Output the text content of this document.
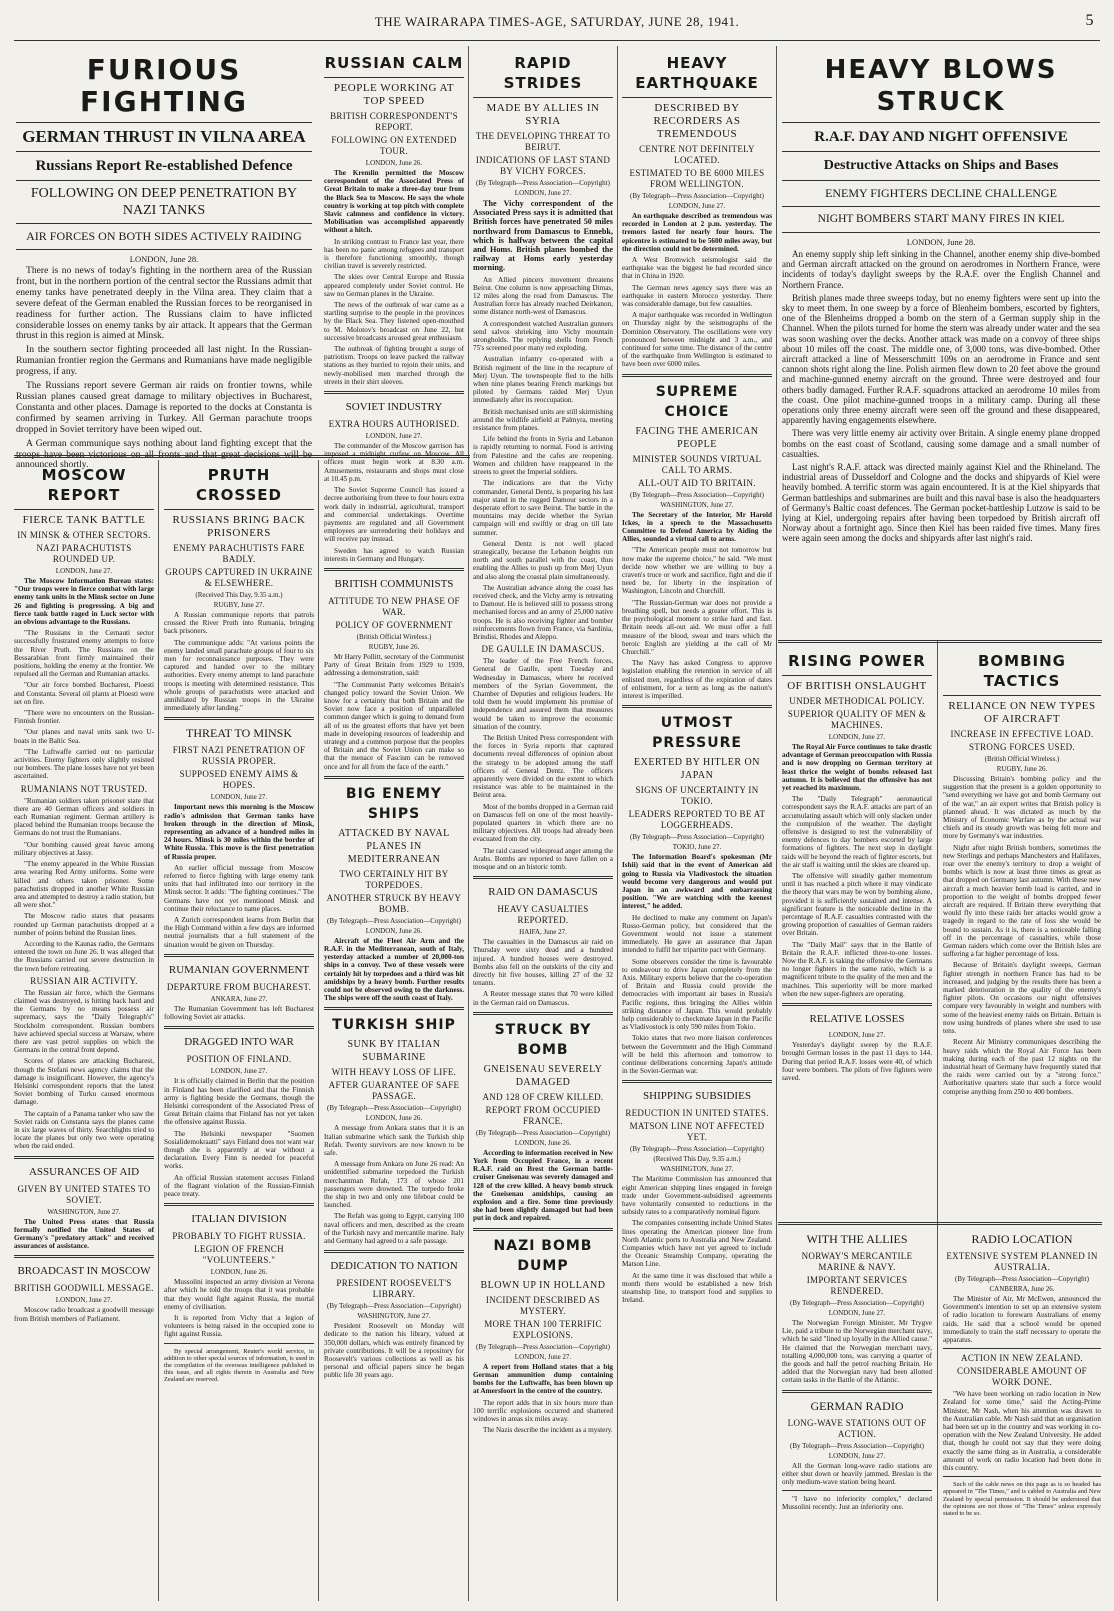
THE WAIRARAPA TIMES-AGE, SATURDAY, JUNE 28, 1941.	5
FURIOUS FIGHTING
GERMAN THRUST IN VILNA AREA
Russians Report Re-established Defence
FOLLOWING ON DEEP PENETRATION BY NAZI TANKS
AIR FORCES ON BOTH SIDES ACTIVELY RAIDING
LONDON, June 28.

There is no news of today's fighting in the northern area of the Russian front, but in the northern portion of the central sector the Russians admit that enemy tanks have penetrated deeply in the Vilna area. They claim that a severe defeat of the German enabled the Russian forces to be reorganised in readiness for further action. The Russians claim to have inflicted considerable losses on enemy tanks by air attack. It appears that the German thrust in this region is aimed at Minsk.

In the southern sector fighting proceeded all last night. In the Russian-Rumanian frontier region the Germans and Rumanians have made negligible progress, if any.

The Russians report severe German air raids on frontier towns, while Russian planes caused great damage to military objectives in Bucharest, Constanta and other places. Damage is reported to the docks at Constanta is confirmed by seamen arriving in Turkey. All German parachute troops dropped in Soviet territory have been wiped out.

A German communique says nothing about land fighting except that the troops have been victorious on all fronts and that great decisions will be announced shortly.

MOSCOW REPORT
FIERCE TANK BATTLE
IN MINSK & OTHER SECTORS.
NAZI PARACHUTISTS ROUNDED UP.
LONDON, June 27.

The Moscow Information Bureau states: "Our troops were in fierce combat with large enemy tank units in the Minsk sector on June 26 and fighting is progressing. A big and fierce tank battle raged in Luck sector with an obvious advantage to the Russians.

"The Russians in the Cernauti sector successfully frustrated enemy attempts to force the River Pruth. The Russians on the Bessarabian front firmly maintained their positions, holding the enemy at the frontier. We repulsed all the German and Rumanian attacks.

"Our air force bombed Bucharest, Ploesti and Constanta. Several oil plants at Ploesti were set on fire.

"There were no encounters on the Russian-Finnish frontier.

"Our planes and naval units sank two U-boats in the Baltic Sea.

"The Luftwaffe carried out no particular activities. Enemy fighters only slightly resisted our bombers. The plane losses have not yet been ascertained.

RUMANIANS NOT TRUSTED.

"Rumanian soldiers taken prisoner state that there are 40 German officers and soldiers in each Rumanian regiment. German artillery is placed behind the Rumanian troops because the Germans do not trust the Rumanians.

"Our bombing caused great havoc among military objectives at Jassy.

"The enemy appeared in the White Russian area wearing Red Army uniforms. Some were killed and others taken prisoner. Some parachutists dropped in another White Russian area and attempted to destroy a radio station, but all were shot."

The Moscow radio states that peasants rounded up German parachutists dropped at a number of points behind the Russian lines.

According to the Kaunas radio, the Germans entered the town on June 26. It was alleged that the Russians carried out severe destruction in the town before retreating.

RUSSIAN AIR ACTIVITY.

The Russian air force, which the Germans claimed was destroyed, is hitting back hard and the Germans by no means possess air supremacy, says the "Daily Telegraph's" Stockholm correspondent. Russian bombers have achieved special success at Warsaw, where there are vast petrol supplies on which the Germans in the central front depend.

Scores of planes are attacking Bucharest, though the Stefani news agency claims that the damage is insignificant. However, the agency's Helsinki correspondent reports that the latest Soviet bombing of Turku caused enormous damage.

The captain of a Panama tanker who saw the Soviet raids on Constanta says the planes came in six large waves of thirty. Searchlights tried to locate the planes but only two were operating when the raid ended.

ASSURANCES OF AID
GIVEN BY UNITED STATES TO SOVIET.
WASHINGTON, June 27.

The United Press states that Russia formally notified the United States of Germany's "predatory attack" and received assurances of assistance.

BROADCAST IN MOSCOW
BRITISH GOODWILL MESSAGE.
LONDON, June 27.

Moscow radio broadcast a goodwill message from British members of Parliament.

PRUTH CROSSED
RUSSIANS BRING BACK PRISONERS
ENEMY PARACHUTISTS FARE BADLY.
GROUPS CAPTURED IN UKRAINE & ELSEWHERE.
(Received This Day, 9.35 a.m.)
RUGBY, June 27.

A Russian communique reports that patrols crossed the River Pruth into Rumania, bringing back prisoners.

The communique adds: "At various points the enemy landed small parachute groups of four to six men for reconnaissance purposes. They were captured and handed over to the military authorities. Every enemy attempt to land parachute troops is meeting with determined resistance. This whole groups of parachutists were attacked and annihilated by Russian troops in the Ukraine immediately after landing."

THREAT TO MINSK
FIRST NAZI PENETRATION OF RUSSIA PROPER.
SUPPOSED ENEMY AIMS & HOPES.
LONDON, June 27.

Important news this morning is the Moscow radio's admission that German tanks have broken through in the direction of Minsk, representing an advance of a hundred miles in 24 hours. Minsk is 30 miles within the border of White Russia. This move is the first penetration of Russia proper.

An earlier official message from Moscow referred to fierce fighting with large enemy tank units that had infiltrated into our territory in the Minsk sector. It adds: "The fighting continues." The Germans have not yet mentioned Minsk and continue their reluctance to name places.

A Zurich correspondent learns from Berlin that the High Command within a few days are informed neutral journalists that a full statement of the situation would be given on Thursday.

RUMANIAN GOVERNMENT
DEPARTURE FROM BUCHAREST.
ANKARA, June 27.

The Rumanian Government has left Bucharest following Soviet air attacks.

DRAGGED INTO WAR
POSITION OF FINLAND.
LONDON, June 27.

It is officially claimed in Berlin that the position in Finland has been clarified and that the Finnish army is fighting beside the Germans, though the Helsinki correspondent of the Associated Press of Great Britain claims that Finland has not yet taken the offensive against Russia.

The Helsinki newspaper "Suomen Sosialidemokraatti" says Finland does not want war though she is apparently at war without a declaration. Every Finn is needed for peaceful works.

An official Russian statement accuses Finland of the flagrant violation of the Russian-Finnish peace treaty.

ITALIAN DIVISION
PROBABLY TO FIGHT RUSSIA.
LEGION OF FRENCH "VOLUNTEERS."
LONDON, June 26.

Mussolini inspected an army division at Verona after which he told the troops that it was probable that they would fight against Russia, the mortal enemy of civilisation.

It is reported from Vichy that a legion of volunteers is being raised in the occupied zone to fight against Russia.

By special arrangement, Reuter's world service, in addition to other special sources of information, is used in the compilation of the overseas intelligence published in this issue, and all rights therein in Australia and New Zealand are reserved.

RUSSIAN CALM
PEOPLE WORKING AT TOP SPEED
BRITISH CORRESPONDENT'S REPORT.
FOLLOWING ON EXTENDED TOUR.
LONDON, June 26.

The Kremlin permitted the Moscow correspondent of the Associated Press of Great Britain to make a three-day tour from the Black Sea to Moscow. He says the whole country is working at top pitch with complete Slavic calmness and confidence in victory. Mobilisation was accomplished apparently without a hitch.

In striking contrast to France last year, there has been no panic among refugees and transport is therefore functioning smoothly, though civilian travel is severely restricted.

The skies over Central Europe and Russia appeared completely under Soviet control. He saw no German planes in the Ukraine.

The news of the outbreak of war came as a startling surprise to the people in the provinces by the Black Sea. They listened open-mouthed to M. Molotov's broadcast on June 22, but successive broadcasts aroused great enthusiasm.

The outbreak of fighting brought a surge of patriotism. Troops on leave packed the railway stations as they hurried to rejoin their units, and newly-mobilised men marched through the streets in their shirt sleeves.

SOVIET INDUSTRY
EXTRA HOURS AUTHORISED.
LONDON, June 27.

The commander of the Moscow garrison has imposed a midnight curfew on Moscow. All offices must begin work at 8.30 a.m. Amusements, restaurants and shops must close at 10.45 p.m.

The Soviet Supreme Council has issued a decree authorising from three to four hours extra work daily in industrial, agricultural, transport and commercial undertakings. Overtime payments are regulated and all Government employees are surrendering their holidays and will receive pay instead.

Sweden has agreed to watch Russian interests in Germany and Hungary.

BRITISH COMMUNISTS
ATTITUDE TO NEW PHASE OF WAR.
POLICY OF GOVERNMENT
(British Official Wireless.)
RUGBY, June 26.

Mr Harry Pollitt, secretary of the Communist Party of Great Britain from 1929 to 1939, addressing a demonstration, said:

"The Communist Party welcomes Britain's changed policy toward the Soviet Union. We know for a certainty that both Britain and the Soviet now face a position of unparalleled common danger which is going to demand from all of us the greatest efforts that have yet been made in developing resources of leadership and strategy and a common purpose that the peoples of Britain and the Soviet Union can make so that the menace of Fascism can be removed once and for all from the face of the earth."

BIG ENEMY SHIPS
ATTACKED BY NAVAL PLANES IN MEDITERRANEAN
TWO CERTAINLY HIT BY TORPEDOES.
ANOTHER STRUCK BY HEAVY BOMB.
(By Telegraph—Press Association—Copyright)
LONDON, June 26.

Aircraft of the Fleet Air Arm and the R.A.F. in the Mediterranean, south of Italy, yesterday attacked a number of 20,000-ton ships in a convoy. Two of these vessels were certainly hit by torpedoes and a third was hit amidships by a heavy bomb. Further results could not be observed owing to the darkness. The ships were off the south coast of Italy.

TURKISH SHIP
SUNK BY ITALIAN SUBMARINE
WITH HEAVY LOSS OF LIFE.
AFTER GUARANTEE OF SAFE PASSAGE.
(By Telegraph—Press Association—Copyright)
LONDON, June 26.

A message from Ankara states that it is an Italian submarine which sank the Turkish ship Refah. Twenty survivors are now known to be safe.

A message from Ankara on June 26 read: An unidentified submarine torpedoed the Turkish merchantman Refah, 173 of whose 201 passengers were drowned. The torpedo broke the ship in two and only one lifeboat could be launched.

The Refah was going to Egypt, carrying 100 naval officers and men, described as the cream of the Turkish navy and mercantile marine. Italy and Germany had agreed to a safe passage.

DEDICATION TO NATION
PRESIDENT ROOSEVELT'S LIBRARY.
(By Telegraph—Press Association—Copyright)
WASHINGTON, June 27.

President Roosevelt on Monday will dedicate to the nation his library, valued at 350,000 dollars, which was entirely financed by private contributions. It will be a repository for Roosevelt's various collections as well as his personal and official papers since he began public life 30 years ago.

RAPID STRIDES
MADE BY ALLIES IN SYRIA
THE DEVELOPING THREAT TO BEIRUT.
INDICATIONS OF LAST STAND BY VICHY FORCES.
(By Telegraph—Press Association—Copyright)
LONDON, June 27.

The Vichy correspondent of the Associated Press says it is admitted that British forces have penetrated 50 miles northward from Damascus to Ennebk, which is halfway between the capital and Homs. British planes bombed the railway at Homs early yesterday morning.

An Allied pincers movement threatens Beirut. One column is now approaching Dimas, 12 miles along the road from Damascus. The Australian force has already reached Deirkanon, some distance north-west of Damascus.

A correspondent watched Australian gunners send salvos shrieking into Vichy mountain strongholds. The replying shells from French 75's screened poor many red exploding.

Australian infantry co-operated with a British regiment of the line in the recapture of Merj Uyun. The townspeople fled to the hills when nine planes bearing French markings but piloted by Germans raided Merj Uyun immediately after its reoccupation.

British mechanised units are still skirmishing around the wildlife airfield at Palmyra, meeting resistance from planes.

Life behind the fronts in Syria and Lebanon is rapidly returning to normal. Food is arriving from Palestine and the cafes are reopening. Women and children have reappeared in the streets to greet the Imperial soldiers.

The indications are that the Vichy commander, General Dentz, is preparing his last major stand in the rugged Damour sectors in a desperate effort to save Beirut. The battle in the mountains may decide whether the Syrian campaign will end swiftly or drag on till late summer.

General Dentz is not well placed strategically, because the Lebanon heights run north and south parallel with the coast, thus enabling the Allies to push up from Merj Uyun and also along the coastal plain simultaneously.

The Australian advance along the coast has received check, and the Vichy army is retreating to Damour. He is believed still to possess strong mechanised forces and an army of 25,000 native troops. He is also receiving fighter and bomber reinforcements flown from France, via Sardinia, Brindisi, Rhodes and Aleppo.

DE GAULLE IN DAMASCUS.

The leader of the Free French forces, General de Gaulle, spent Tuesday and Wednesday in Damascus, where he received members of the Syrian Government, the Chamber of Deputies and religious leaders. He told them he would implement his promise of independence and assured them that measures would be taken to improve the economic situation of the country.

The British United Press correspondent with the forces in Syria reports that captured documents reveal differences of opinion about the strategy to be adopted among the staff officers of General Dentz. The officers apparently were divided on the extent to which resistance was able to be maintained in the Beirut area.

Most of the bombs dropped in a German raid on Damascus fell on one of the most heavily-populated quarters in which there are no military objectives. All troops had already been evacuated from the city.

The raid caused widespread anger among the Arabs. Bombs are reported to have fallen on a mosque and on an historic tomb.

RAID ON DAMASCUS
HEAVY CASUALTIES REPORTED.
HAIFA, June 27.

The casualties in the Damascus air raid on Thursday were sixty dead and a hundred injured. A hundred houses were destroyed. Bombs also fell on the outskirts of the city and directly hit five houses, killing 27 of the 32 tenants.

A Reuter message states that 70 were killed in the German raid on Damascus.

STRUCK BY BOMB
GNEISENAU SEVERELY DAMAGED
AND 128 OF CREW KILLED.
REPORT FROM OCCUPIED FRANCE.
(By Telegraph—Press Association—Copyright)
LONDON, June 26.

According to information received in New York from Occupied France, in a recent R.A.F. raid on Brest the German battle-cruiser Gneisenau was severely damaged and 128 of the crew killed. A heavy bomb struck the Gneisenau amidships, causing an explosion and a fire. Some time previously she had been slightly damaged but had been put in dock and repaired.

NAZI BOMB DUMP
BLOWN UP IN HOLLAND
INCIDENT DESCRIBED AS MYSTERY.
MORE THAN 100 TERRIFIC EXPLOSIONS.
(By Telegraph—Press Association—Copyright)
LONDON, June 27.

A report from Holland states that a big German ammunition dump containing bombs for the Luftwaffe, has been blown up at Amersfoort in the centre of the country.

The report adds that in six hours more than 100 terrific explosions occurred and shattered windows in areas six miles away.

The Nazis describe the incident as a mystery.

HEAVY EARTHQUAKE
DESCRIBED BY RECORDERS AS TREMENDOUS
CENTRE NOT DEFINITELY LOCATED.
ESTIMATED TO BE 6000 MILES FROM WELLINGTON.
(By Telegraph—Press Association—Copyright)
LONDON, June 27.

An earthquake described as tremendous was recorded in London at 2 p.m. yesterday. The tremors lasted for nearly four hours. The epicentre is estimated to be 5600 miles away, but the direction could not be determined.

A West Bromwich seismologist said the earthquake was the biggest he had recorded since that in China in 1920.

The German news agency says there was an earthquake in eastern Morocco yesterday. There was considerable damage, but few casualties.

A major earthquake was recorded in Wellington on Thursday night by the seismographs of the Dominion Observatory. The oscillations were very pronounced between midnight and 3 a.m., and continued for some time. The distance of the centre of the earthquake from Wellington is estimated to have been over 6000 miles.

SUPREME CHOICE
FACING THE AMERICAN PEOPLE
MINISTER SOUNDS VIRTUAL CALL TO ARMS.
ALL-OUT AID TO BRITAIN.
(By Telegraph—Press Association—Copyright)
WASHINGTON, June 27.

The Secretary of the Interior, Mr Harold Ickes, in a speech to the Massachusetts Committee to Defend America by Aiding the Allies, sounded a virtual call to arms.

"The American people must not tomorrow but now make the supreme choice," he said. "We must decide now whether we are willing to buy a craven's truce or work and sacrifice, fight and die if need be, for liberty in the inspiration of Washington, Lincoln and Churchill.

"The Russian-German war does not provide a breathing spell, but needs a greater effort. This is the psychological moment to strike hard and fast. Britain needs all-out aid. We must offer a full measure of the blood, sweat and tears which the heroic English are yielding at the call of Mr Churchill."

The Navy has asked Congress to approve legislation enabling the retention in service of all enlisted men, regardless of the expiration of dates of enlistment, for a term as long as the nation's interest is imperilled.

UTMOST PRESSURE
EXERTED BY HITLER ON JAPAN
SIGNS OF UNCERTAINTY IN TOKIO.
LEADERS REPORTED TO BE AT LOGGERHEADS.
(By Telegraph—Press Association—Copyright)
TOKIO, June 27.

The Information Board's spokesman (Mr Ishii) said that in the event of American aid going to Russia via Vladivostock the situation would become very dangerous and would put Japan in an awkward and embarrassing position. "We are watching with the keenest interest," he added.

He declined to make any comment on Japan's Russo-German policy, but considered that the Government would not issue a statement immediately. He gave an assurance that Japan intended to fulfil her tripartite pact with Germany.

Some observers consider the time is favourable to endeavour to drive Japan completely from the Axis. Military experts believe that the co-operation of Britain and Russia could provide the democracies with important air bases in Russia's Pacific regions, thus bringing the Allies within striking distance of Japan. This would probably help considerably to checkmate Japan in the Pacific as Vladivostock is only 590 miles from Tokio.

Tokio states that two more liaison conferences between the Government and the High Command will be held this afternoon and tomorrow to continue deliberations concerning Japan's attitude in the Soviet-German war.

SHIPPING SUBSIDIES
REDUCTION IN UNITED STATES.
MATSON LINE NOT AFFECTED YET.
(By Telegraph—Press Association—Copyright)
(Received This Day, 9.35 a.m.)
WASHINGTON, June 27.

The Maritime Commission has announced that eight American shipping lines engaged in foreign trade under Government-subsidised agreements have voluntarily consented to reductions in the subsidy rates to a comparatively nominal figure.

The companies consenting include United States lines operating the American pioneer line from North Atlantic ports to Australia and New Zealand. Companies which have not yet agreed to include the Oceanic Steamship Company, operating the Matson Line.

At the same time it was disclosed that while a month there would be established a new Irish steamship line, to transport food and supplies to Ireland.

HEAVY BLOWS STRUCK
R.A.F. DAY AND NIGHT OFFENSIVE
Destructive Attacks on Ships and Bases
ENEMY FIGHTERS DECLINE CHALLENGE
NIGHT BOMBERS START MANY FIRES IN KIEL
LONDON, June 28.

An enemy supply ship left sinking in the Channel, another enemy ship dive-bombed and German aircraft attacked on the ground on aerodromes in Northern France, were incidents of today's daylight sweeps by the R.A.F. over the English Channel and Northern France.

British planes made three sweeps today, but no enemy fighters were sent up into the sky to meet them. In one sweep by a force of Blenheim bombers, escorted by fighters, one of the Blenheims dropped a bomb on the stern of a German supply ship in the Channel. When the pilots turned for home the stern was already under water and the sea was soon washing over the decks. Another attack was made on a convoy of three ships about 10 miles off the coast. The middle one, of 3,000 tons, was dive-bombed. Other aircraft attacked a line of Messerschmitt 109s on an aerodrome in France and sent cannon shots right along the line. Polish airmen flew down to 20 feet above the ground and machine-gunned enemy aircraft on the ground. Three were destroyed and four others badly damaged. Further R.A.F. squadrons attacked an aerodrome 10 miles from the coast. One pilot machine-gunned troops in a military camp. During all these operations only three enemy aircraft were seen off the ground and these disappeared, apparently having engagements elsewhere.

There was very little enemy air activity over Britain. A single enemy plane dropped bombs on the east coast of Scotland, causing some damage and a small number of casualties.

Last night's R.A.F. attack was directed mainly against Kiel and the Rhineland. The industrial areas of Dusseldorf and Cologne and the docks and shipyards of Kiel were heavily bombed. A terrific storm was again encountered. It is at the Kiel shipyards that German battleships and submarines are built and this naval base is also the headquarters of Germany's Baltic coast defences. The German pocket-battleship Lutzow is said to be lying at Kiel, undergoing repairs after having been torpedoed by British aircraft off Norway about a fortnight ago. Since then Kiel has been raided five times. Many fires were again seen among the docks and shipyards after last night's raid.

RISING POWER
OF BRITISH ONSLAUGHT
UNDER METHODICAL POLICY.
SUPERIOR QUALITY OF MEN & MACHINES.
LONDON, June 27.

The Royal Air Force continues to take drastic advantage of German preoccupation with Russia and is now dropping on German territory at least thrice the weight of bombs released last autumn. It is believed that the offensive has not yet reached its maximum.

The "Daily Telegraph" aeronautical correspondent says the R.A.F. attacks are part of an accumulating assault which will only slacken under the compulsion of the weather. The daylight offensive is designed to test the vulnerability of enemy defences to day bombers escorted by large formations of fighters. The next step in daylight raids will be beyond the reach of fighter escorts, but the air staff is waiting until the skies are cleared up.

The offensive will steadily gather momentum until it has reached a pitch where it may vindicate the theory that wars may be won by bombing alone, provided it is sufficiently sustained and intense. A significant feature is the noticeable decline in the percentage of R.A.F. casualties contrasted with the growing proportion of casualties of German raiders over Britain.

The "Daily Mail" says that in the Battle of Britain the R.A.F. inflicted three-to-one losses. Now the R.A.F. is taking the offensive the Germans no longer fighters in the same ratio, which is a magnificent tribute to the quality of the men and the machines. This superiority will be more marked when the new super-fighters are operating.

RELATIVE LOSSES
LONDON, June 27.

Yesterday's daylight sweep by the R.A.F. brought German losses in the past 11 days to 144. During that period R.A.F. losses were 40, of which four were bombers. The pilots of five fighters were saved.

BOMBING TACTICS
RELIANCE ON NEW TYPES OF AIRCRAFT
INCREASE IN EFFECTIVE LOAD.
STRONG FORCES USED.
(British Official Wireless.)
RUGBY, June 26.

Discussing Britain's bombing policy and the suggestion that the present is a golden opportunity to "send everything we have got and bomb Germany out of the war," an air expert writes that British policy is planned ahead. It was dictated as much by the Ministry of Economic Warfare as by the actual war chiefs and its steady growth was being felt more and more by Germany's war industries.

Night after night British bombers, sometimes the new Sterlings and perhaps Manchesters and Halifaxes, roar over the enemy's territory to drop a weight of bombs which is now at least three times as great as that dropped on Germany last autumn. With these new aircraft a much heavier bomb load is carried, and in proportion to the weight of bombs dropped fewer aircraft are required. If Britain threw everything that would fly into these raids her attacks would grow a tragedy in regard to the rate of loss she would be bound to sustain. As it is, there is a noticeable falling off in the percentage of casualties, while those German raiders which come over the British Isles are suffering a far higher percentage of loss.

Because of Britain's daylight sweeps, German fighter strength in northern France has had to be increased, and judging by the results there has been a marked deterioration in the quality of the enemy's fighter pilots. On occasions our night offensives compare very favourably in weight and numbers with some of the heaviest enemy raids on Britain. Britain is now using hundreds of planes where she used to use tens.

Recent Air Ministry communiques describing the heavy raids which the Royal Air Force has been making during each of the past 12 nights on the industrial heart of Germany have frequently stated that the raids were carried out by a "strong force." Authoritative quarters state that such a force would comprise anything from 250 to 400 bombers.

WITH THE ALLIES
NORWAY'S MERCANTILE MARINE & NAVY.
IMPORTANT SERVICES RENDERED.
(By Telegraph—Press Association—Copyright)
LONDON, June 27.

The Norwegian Foreign Minister, Mr Trygve Lie, paid a tribute to the Norwegian merchant navy, which he said "lined up loyally in the Allied cause." He claimed that the Norwegian merchant navy, totalling 4,000,000 tons, was carrying a quarter of the goods and half the petrol reaching Britain. He added that the Norwegian navy had been allotted certain tasks in the Battle of the Atlantic.

GERMAN RADIO
LONG-WAVE STATIONS OUT OF ACTION.
(By Telegraph—Press Association—Copyright)
LONDON, June 27.

All the German long-wave radio stations are either shut down or heavily jammed. Breslau is the only medium-wave station being heard.

"I have no inferiority complex," declared Mussolini recently. Just an inferiority one.

RADIO LOCATION
EXTENSIVE SYSTEM PLANNED IN AUSTRALIA.
(By Telegraph—Press Association—Copyright)
CANBERRA, June 26.

The Minister of Air, Mr McEwen, announced the Government's intention to set up an extensive system of radio location to forewarn Australians of enemy raids. He said that a school would be opened immediately to train the staff necessary to operate the apparatus.

ACTION IN NEW ZEALAND.
CONSIDERABLE AMOUNT OF WORK DONE.

"We have been working on radio location in New Zealand for some time," said the Acting-Prime Minister, Mr Nash, when his attention was drawn to the Australian cable. Mr Nash said that an organisation had been set up in the country and was working in co-operation with the New Zealand University. He added that, though he could not say that they were doing exactly the same thing as in Australia, a considerable amount of work on radio location had been done in this country.

Such of the cable news on this page as is so headed has appeared in "The Times," and is cabled to Australia and New Zealand by special permission. It should be understood that the opinions are not those of "The Times" unless expressly stated to be so.
